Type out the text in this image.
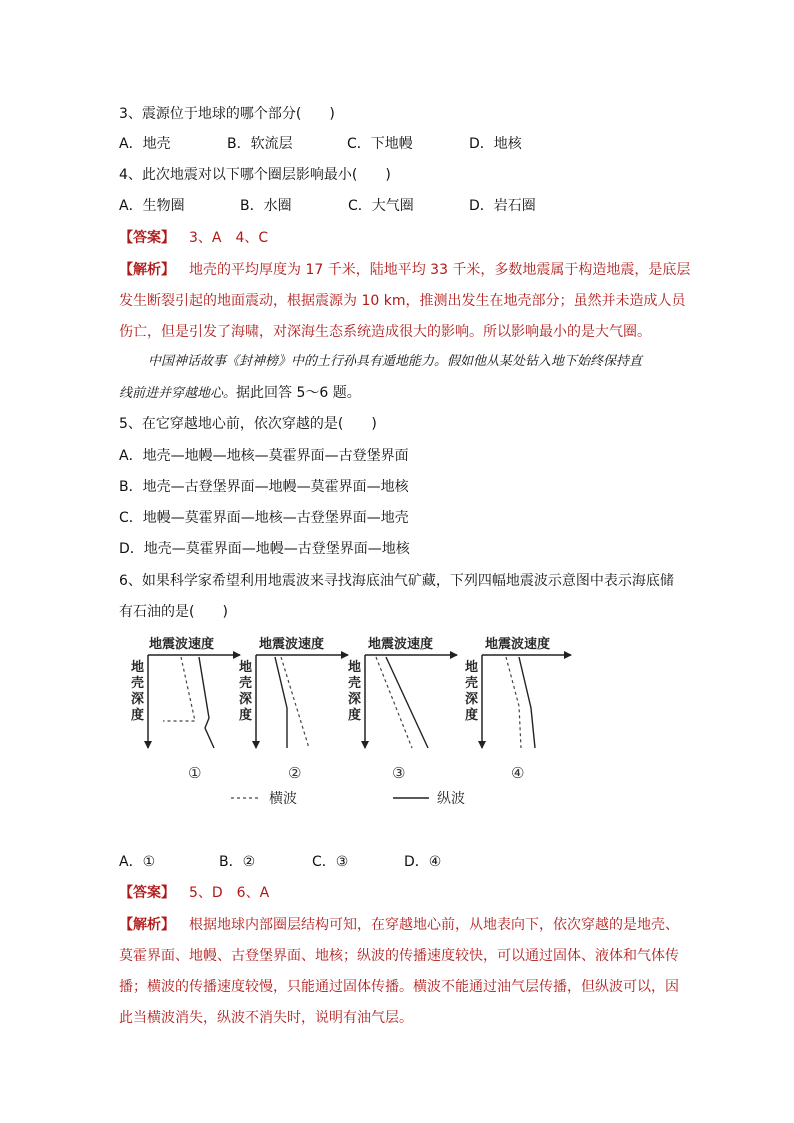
3、震源位于地球的哪个部分(　　)
A．地壳	B．软流层	C．下地幔	D．地核
4、此次地震对以下哪个圈层影响最小(　　)
A．生物圈	B．水圈	C．大气圈	D．岩石圈
【答案】 3、A　4、C
【解析】 地壳的平均厚度为 17 千米，陆地平均 33 千米，多数地震属于构造地震，是底层
发生断裂引起的地面震动，根据震源为 10 km，推测出发生在地壳部分；虽然并未造成人员
伤亡，但是引发了海啸，对深海生态系统造成很大的影响。所以影响最小的是大气圈。
中国神话故事《封神榜》中的土行孙具有遁地能力。假如他从某处钻入地下始终保持直
线前进并穿越地心。据此回答 5～6 题。
5、在它穿越地心前，依次穿越的是(　　)
A．地壳—地幔—地核—莫霍界面—古登堡界面
B．地壳—古登堡界面—地幔—莫霍界面—地核
C．地幔—莫霍界面—地核—古登堡界面—地壳
D．地壳—莫霍界面—地幔—古登堡界面—地核
6、如果科学家希望利用地震波来寻找海底油气矿藏，下列四幅地震波示意图中表示海底储
有石油的是(　　)
地震波速度
地
壳
深
度
①
地震波速度
地
壳
深
度
②
地震波速度
地
壳
深
度
③
地震波速度
地
壳
深
度
④
横波	纵波
A．①	B．②	C．③	D．④
【答案】 5、D　6、A
【解析】 根据地球内部圈层结构可知，在穿越地心前，从地表向下，依次穿越的是地壳、
莫霍界面、地幔、古登堡界面、地核；纵波的传播速度较快，可以通过固体、液体和气体传
播；横波的传播速度较慢，只能通过固体传播。横波不能通过油气层传播，但纵波可以，因
此当横波消失，纵波不消失时，说明有油气层。
